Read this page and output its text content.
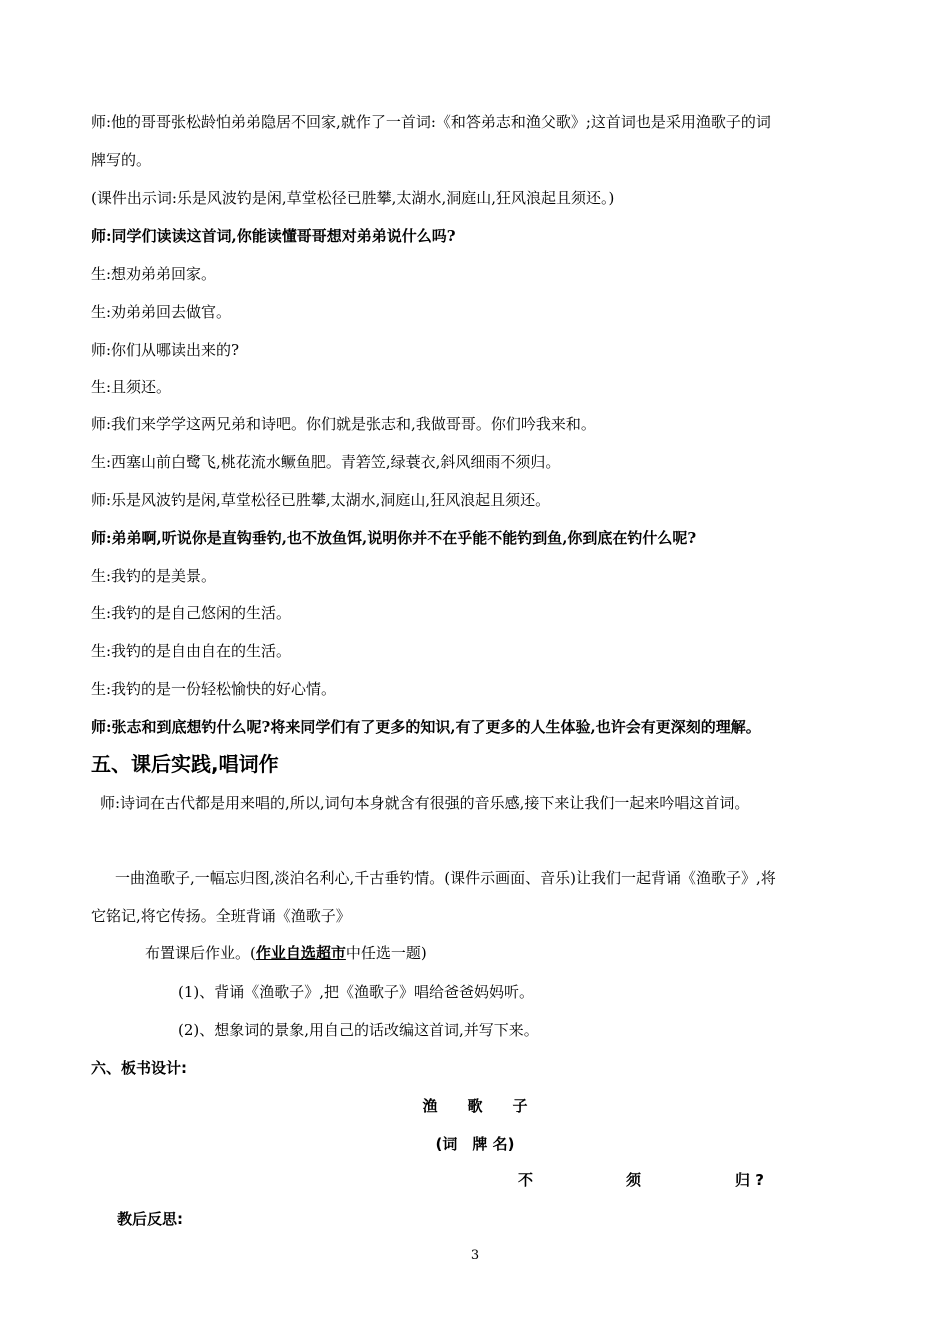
师:他的哥哥张松龄怕弟弟隐居不回家,就作了一首词:《和答弟志和渔父歌》;这首词也是采用渔歌子的词
牌写的。
(课件出示词:乐是风波钓是闲,草堂松径已胜攀,太湖水,洞庭山,狂风浪起且须还。)
师:同学们读读这首词,你能读懂哥哥想对弟弟说什么吗?
生:想劝弟弟回家。
生:劝弟弟回去做官。
师:你们从哪读出来的?
生:且须还。
师:我们来学学这两兄弟和诗吧。你们就是张志和,我做哥哥。你们吟我来和。
生:西塞山前白鹭飞,桃花流水鳜鱼肥。青箬笠,绿蓑衣,斜风细雨不须归。
师:乐是风波钓是闲,草堂松径已胜攀,太湖水,洞庭山,狂风浪起且须还。
师:弟弟啊,听说你是直钩垂钓,也不放鱼饵,说明你并不在乎能不能钓到鱼,你到底在钓什么呢?
生:我钓的是美景。
生:我钓的是自己悠闲的生活。
生:我钓的是自由自在的生活。
生:我钓的是一份轻松愉快的好心情。
师:张志和到底想钓什么呢?将来同学们有了更多的知识,有了更多的人生体验,也许会有更深刻的理解。
五、课后实践,唱词作
师:诗词在古代都是用来唱的,所以,词句本身就含有很强的音乐感,接下来让我们一起来吟唱这首词。
一曲渔歌子,一幅忘归图,淡泊名利心,千古垂钓情。(课件示画面、音乐)让我们一起背诵《渔歌子》,将
它铭记,将它传扬。全班背诵《渔歌子》
布置课后作业。(作业自选超市中任选一题)
(1)、背诵《渔歌子》,把《渔歌子》唱给爸爸妈妈听。
(2)、想象词的景象,用自己的话改编这首词,并写下来。
六、板书设计:
渔　　歌　　子
(词　牌 名)
不	须	归 ?
教后反思:
3
